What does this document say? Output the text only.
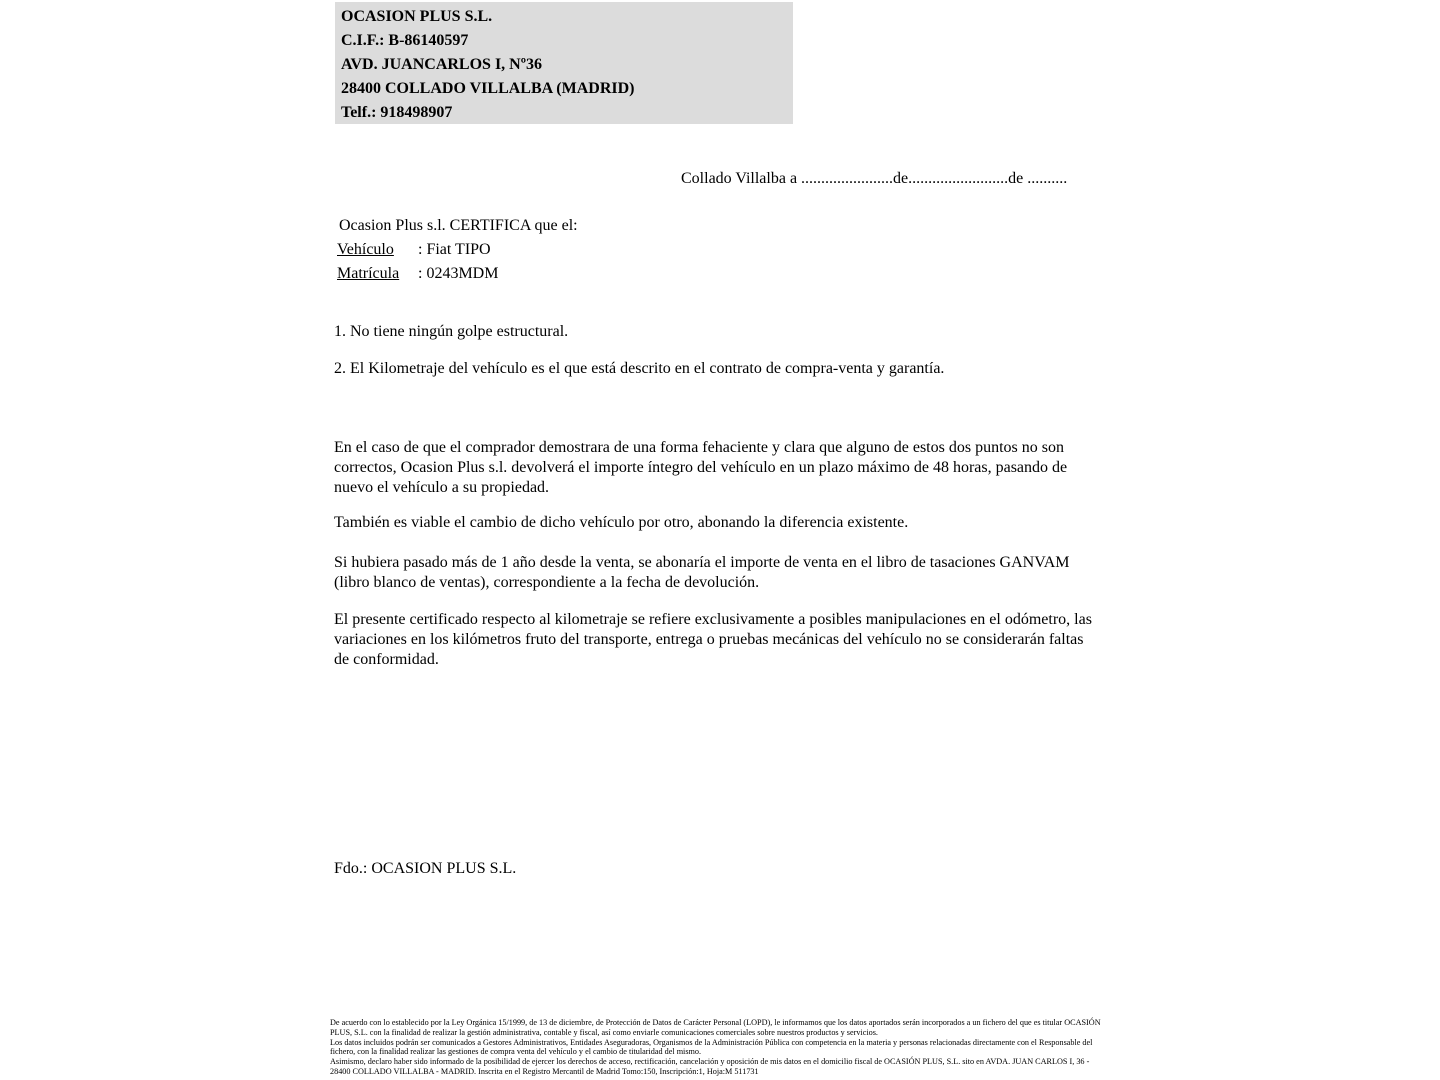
OCASION PLUS S.L.
C.I.F.: B-86140597
AVD. JUANCARLOS I, Nº36
28400 COLLADO VILLALBA (MADRID)
Telf.: 918498907
Collado Villalba a .......................de.........................de ..........
Ocasion Plus s.l. CERTIFICA que el:
Vehículo : Fiat TIPO
Matrícula : 0243MDM
1. No tiene ningún golpe estructural.
2. El Kilometraje del vehículo es el que está descrito en el contrato de compra-venta y garantía.
En el caso de que el comprador demostrara de una forma fehaciente y clara que alguno de estos dos puntos no son correctos, Ocasion Plus s.l. devolverá el importe íntegro del vehículo en un plazo máximo de 48 horas, pasando de nuevo el vehículo a su propiedad.
También es viable el cambio de dicho vehículo por otro, abonando la diferencia existente.
Si hubiera pasado más de 1 año desde la venta, se abonaría el importe de venta en el libro de tasaciones GANVAM (libro blanco de ventas), correspondiente a la fecha de devolución.
El presente certificado respecto al kilometraje se refiere exclusivamente a posibles manipulaciones en el odómetro, las variaciones en los kilómetros fruto del transporte, entrega o pruebas mecánicas del vehículo no se considerarán faltas de conformidad.
Fdo.: OCASION PLUS S.L.
De acuerdo con lo establecido por la Ley Orgánica 15/1999, de 13 de diciembre, de Protección de Datos de Carácter Personal (LOPD), le informamos que los datos aportados serán incorporados a un fichero del que es titular OCASIÓN PLUS, S.L. con la finalidad de realizar la gestión administrativa, contable y fiscal, así como enviarle comunicaciones comerciales sobre nuestros productos y servicios.
Los datos incluidos podrán ser comunicados a Gestores Administrativos, Entidades Aseguradoras, Organismos de la Administración Pública con competencia en la materia y personas relacionadas directamente con el Responsable del fichero, con la finalidad realizar las gestiones de compra venta del vehículo y el cambio de titularidad del mismo.
Asimismo, declaro haber sido informado de la posibilidad de ejercer los derechos de acceso, rectificación, cancelación y oposición de mis datos en el domicilio fiscal de OCASIÓN PLUS, S.L. sito en AVDA. JUAN CARLOS I, 36 - 28400 COLLADO VILLALBA - MADRID. Inscrita en el Registro Mercantil de Madrid Tomo:150, Inscripción:1, Hoja:M 511731
